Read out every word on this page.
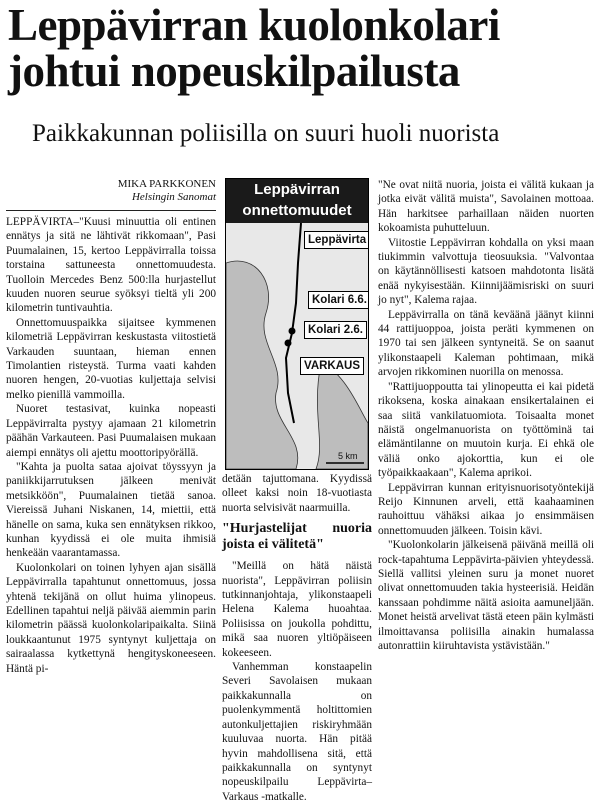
Leppävirran kuolonkolari johtui nopeuskilpailusta
Paikkakunnan poliisilla on suuri huoli nuorista
MIKA PARKKONEN
Helsingin Sanomat

LEPPÄVIRTA–"Kuusi minuuttia oli entinen ennätys ja sitä ne lähtivät rikkomaan", Pasi Puumalainen, 15, kertoo Leppävirralla toissa torstaina sattuneesta onnettomuudesta. Tuolloin Mercedes Benz 500:lla hurjastellut kuuden nuoren seurue syöksyi tieltä yli 200 kilometrin tuntivauhtia.

Onnettomuuspaikka sijaitsee kymmenen kilometriä Leppävirran keskustasta viitostietä Varkauden suuntaan, hieman ennen Timolantien risteystä. Turma vaati kahden nuoren hengen, 20-vuotias kuljettaja selvisi melko pienillä vammoilla.

Nuoret testasivat, kuinka nopeasti Leppävirralta pystyy ajamaan 21 kilometrin päähän Varkauteen. Pasi Puumalaisen mukaan aiempi ennätys oli ajettu moottoripyörällä.

"Kahta ja puolta sataa ajoivat töyssyyn ja paniikkijarrutuksen jälkeen menivät metsikköön", Puumalainen tietää sanoa. Viereissä Juhani Niskanen, 14, miettii, että hänelle on sama, kuka sen ennätyksen rikkoo, kunhan kyydissä ei ole muita ihmisiä henkeään vaarantamassa.

Kuolonkolari on toinen lyhyen ajan sisällä Leppävirralla tapahtunut onnettomuus, jossa yhtenä tekijänä on ollut huima ylinopeus. Edellinen tapahtui neljä päivää aiemmin parin kilometrin päässä kuolonkolaripaikalta. Siinä loukkaantunut 1975 syntynyt kuljettaja on sairaalassa kytkettynä hengityskoneeseen. Häntä pi-

Leppävirran
onnettomuudet
Leppävirta
Kolari 6.6.
Kolari 2.6.
VARKAUS
5 km

detään tajuttomana. Kyydissä olleet kaksi noin 18-vuotiasta nuorta selvisivät naarmuilla.

"Hurjastelijat nuoria joista ei välitetä"

"Meillä on hätä näistä nuorista", Leppävirran poliisin tutkinnanjohtaja, ylikonstaapeli Helena Kalema huoahtaa. Poliisissa on joukolla pohdittu, mikä saa nuoren yltiöpäiseen kokeeseen.

Vanhemman konstaapelin Severi Savolaisen mukaan paikkakunnalla on puolenkymmentä holtittomien autonkuljettajien riskiryhmään kuuluvaa nuorta. Hän pitää hyvin mahdollisena sitä, että paikkakunnalla on syntynyt nopeuskilpailu Leppävirta–Varkaus -matkalle.

"Ne ovat niitä nuoria, joista ei välitä kukaan ja jotka eivät välitä muista", Savolainen mottoaa. Hän harkitsee parhaillaan näiden nuorten kokoamista puhutteluun.

Viitostie Leppävirran kohdalla on yksi maan tiukimmin valvottuja tieosuuksia. "Valvontaa on käytännöllisesti katsoen mahdotonta lisätä enää nykyisestään. Kiinnijäämisriski on suuri jo nyt", Kalema rajaa.

Leppävirralla on tänä keväänä jäänyt kiinni 44 rattijuoppoa, joista peräti kymmenen on 1970 tai sen jälkeen syntyneitä. Se on saanut ylikonstaapeli Kaleman pohtimaan, mikä arvojen rikkominen nuorilla on menossa.

"Rattijuoppoutta tai ylinopeutta ei kai pidetä rikoksena, koska ainakaan ensikertalainen ei saa siitä vankilatuomiota. Toisaalta monet näistä ongelmanuorista on työttöminä tai elämäntilanne on muutoin kurja. Ei ehkä ole väliä onko ajokorttia, kun ei ole työpaikkaakaan", Kalema aprikoi.

Leppävirran kunnan erityisnuorisotyöntekijä Reijo Kinnunen arveli, että kaahaaminen rauhoittuu vähäksi aikaa jo ensimmäisen onnettomuuden jälkeen. Toisin kävi.

"Kuolonkolarin jälkeisenä päivänä meillä oli rock-tapahtuma Leppävirta-päivien yhteydessä. Siellä vallitsi yleinen suru ja monet nuoret olivat onnettomuuden takia hysteerisiä. Heidän kanssaan pohdimme näitä asioita aamuneljään. Monet heistä arvelivat tästä eteen päin kylmästi ilmoittavansa poliisilla ainakin humalassa autonrattiin kiiruhtavista ystävistään."
